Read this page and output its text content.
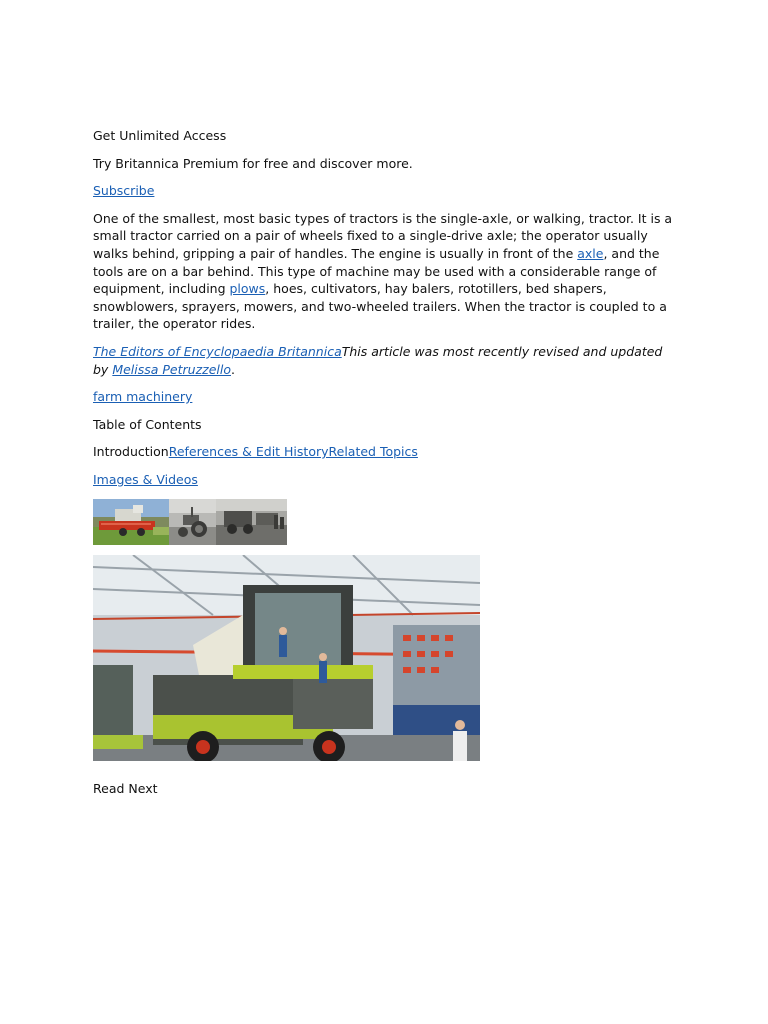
Get Unlimited Access

Try Britannica Premium for free and discover more.

Subscribe

One of the smallest, most basic types of tractors is the single-axle, or walking, tractor. It is a small tractor carried on a pair of wheels fixed to a single-drive axle; the operator usually walks behind, gripping a pair of handles. The engine is usually in front of the axle, and the tools are on a bar behind. This type of machine may be used with a considerable range of equipment, including plows, hoes, cultivators, hay balers, rototillers, bed shapers, snowblowers, sprayers, mowers, and two-wheeled trailers. When the tractor is coupled to a trailer, the operator rides.

The Editors of Encyclopaedia BritannicaThis article was most recently revised and updated by Melissa Petruzzello.

farm machinery

Table of Contents

IntroductionReferences & Edit HistoryRelated Topics

Images & Videos

Read Next
